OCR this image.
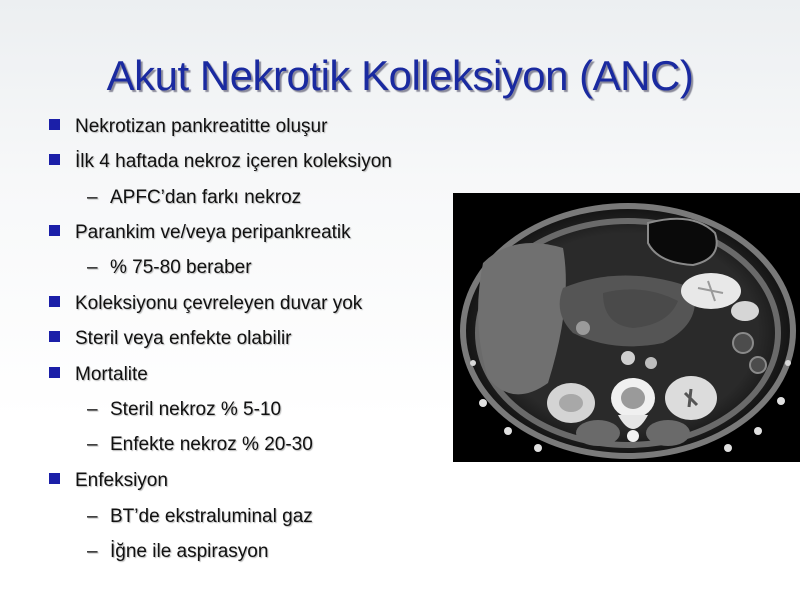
Akut Nekrotik Kolleksiyon (ANC)
Nekrotizan pankreatitte oluşur
İlk 4 haftada nekroz içeren koleksiyon
– APFC’dan farkı nekroz
Parankim ve/veya peripankreatik
– % 75-80 beraber
Koleksiyonu çevreleyen duvar yok
Steril veya enfekte olabilir
Mortalite
– Steril nekroz % 5-10
– Enfekte nekroz % 20-30
Enfeksiyon
– BT’de ekstraluminal gaz
– İğne ile aspirasyon
